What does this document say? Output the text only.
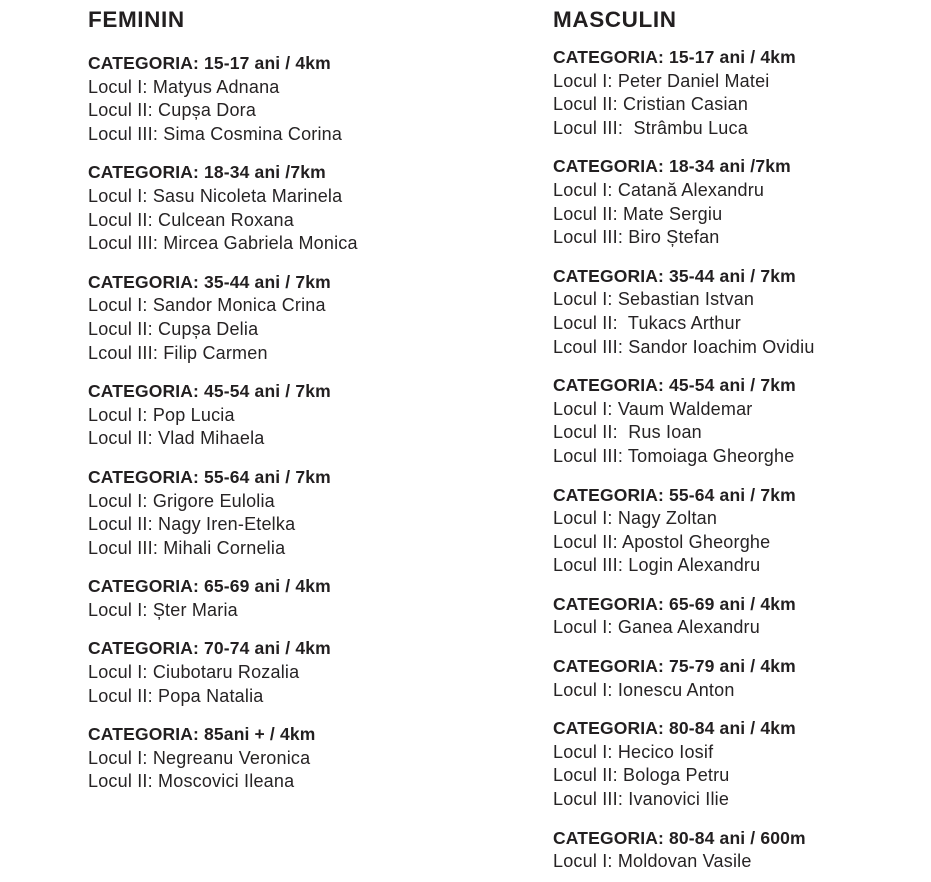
FEMININ
CATEGORIA: 15-17 ani / 4km
Locul I: Matyus Adnana
Locul II: Cupșa Dora
Locul III: Sima Cosmina Corina
CATEGORIA: 18-34 ani /7km
Locul I: Sasu Nicoleta Marinela
Locul II: Culcean Roxana
Locul III: Mircea Gabriela Monica
CATEGORIA: 35-44 ani / 7km
Locul I: Sandor Monica Crina
Locul II: Cupșa Delia
Lcoul III: Filip Carmen
CATEGORIA: 45-54 ani / 7km
Locul I: Pop Lucia
Locul II: Vlad Mihaela
CATEGORIA: 55-64 ani / 7km
Locul I: Grigore Eulolia
Locul II: Nagy Iren-Etelka
Locul III: Mihali Cornelia
CATEGORIA: 65-69 ani / 4km
Locul I: Șter Maria
CATEGORIA: 70-74 ani / 4km
Locul I: Ciubotaru Rozalia
Locul II: Popa Natalia
CATEGORIA: 85ani + / 4km
Locul I: Negreanu Veronica
Locul II: Moscovici Ileana
MASCULIN
CATEGORIA: 15-17 ani / 4km
Locul I: Peter Daniel Matei
Locul II: Cristian Casian
Locul III:  Strâmbu Luca
CATEGORIA: 18-34 ani /7km
Locul I: Catană Alexandru
Locul II: Mate Sergiu
Locul III: Biro Ștefan
CATEGORIA: 35-44 ani / 7km
Locul I: Sebastian Istvan
Locul II:  Tukacs Arthur
Lcoul III: Sandor Ioachim Ovidiu
CATEGORIA: 45-54 ani / 7km
Locul I: Vaum Waldemar
Locul II:  Rus Ioan
Locul III: Tomoiaga Gheorghe
CATEGORIA: 55-64 ani / 7km
Locul I: Nagy Zoltan
Locul II: Apostol Gheorghe
Locul III: Login Alexandru
CATEGORIA: 65-69 ani / 4km
Locul I: Ganea Alexandru
CATEGORIA: 75-79 ani / 4km
Locul I: Ionescu Anton
CATEGORIA: 80-84 ani / 4km
Locul I: Hecico Iosif
Locul II: Bologa Petru
Locul III: Ivanovici Ilie
CATEGORIA: 80-84 ani / 600m
Locul I: Moldovan Vasile
